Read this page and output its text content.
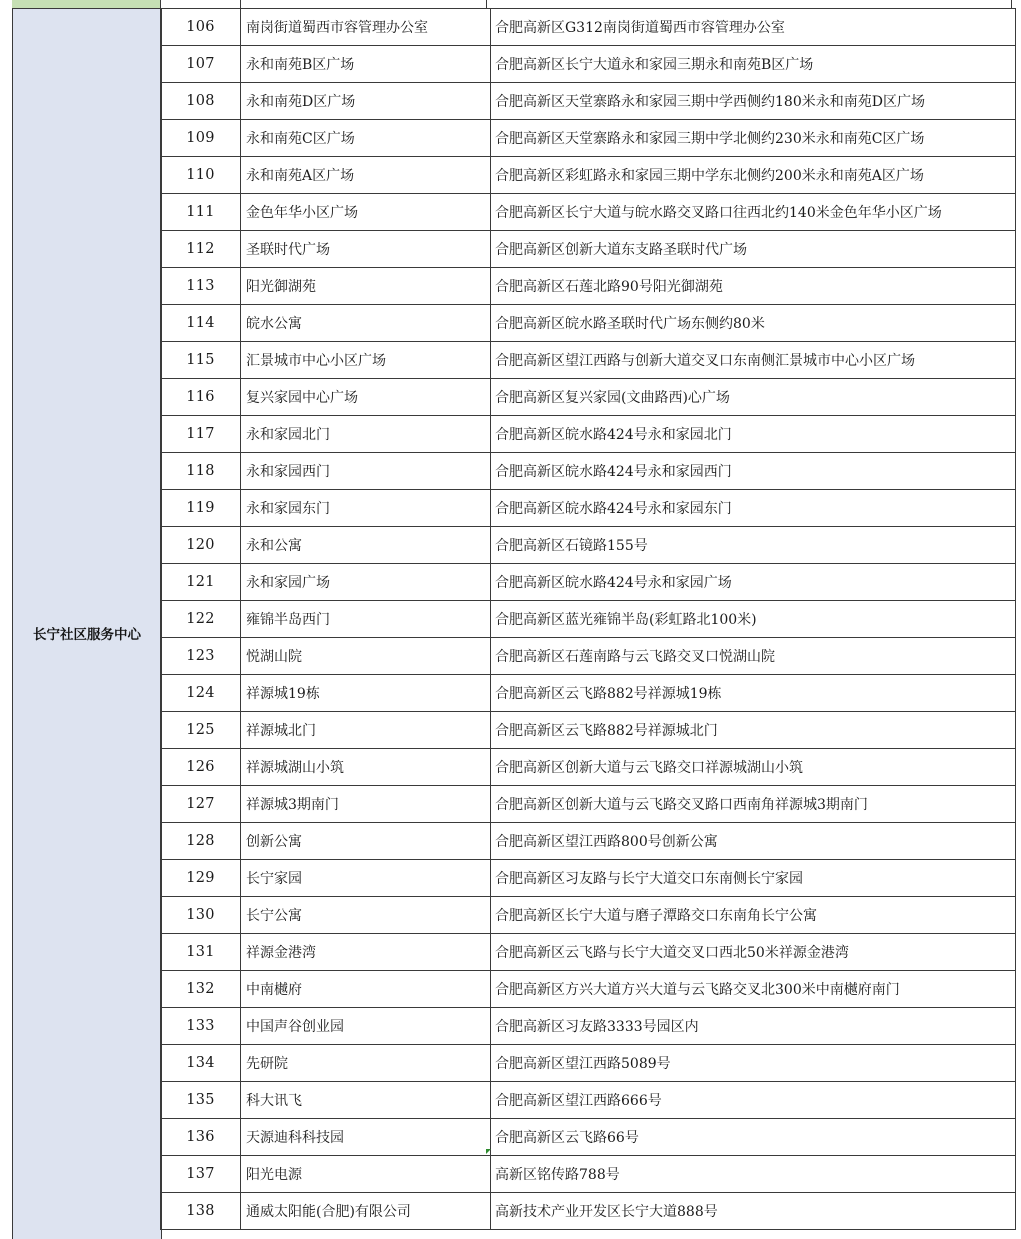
长宁社区服务中心
106	南岗街道蜀西市容管理办公室	合肥高新区G312南岗街道蜀西市容管理办公室
107	永和南苑B区广场	合肥高新区长宁大道永和家园三期永和南苑B区广场
108	永和南苑D区广场	合肥高新区天堂寨路永和家园三期中学西侧约180米永和南苑D区广场
109	永和南苑C区广场	合肥高新区天堂寨路永和家园三期中学北侧约230米永和南苑C区广场
110	永和南苑A区广场	合肥高新区彩虹路永和家园三期中学东北侧约200米永和南苑A区广场
111	金色年华小区广场	合肥高新区长宁大道与皖水路交叉路口往西北约140米金色年华小区广场
112	圣联时代广场	合肥高新区创新大道东支路圣联时代广场
113	阳光御湖苑	合肥高新区石莲北路90号阳光御湖苑
114	皖水公寓	合肥高新区皖水路圣联时代广场东侧约80米
115	汇景城市中心小区广场	合肥高新区望江西路与创新大道交叉口东南侧汇景城市中心小区广场
116	复兴家园中心广场	合肥高新区复兴家园(文曲路西)心广场
117	永和家园北门	合肥高新区皖水路424号永和家园北门
118	永和家园西门	合肥高新区皖水路424号永和家园西门
119	永和家园东门	合肥高新区皖水路424号永和家园东门
120	永和公寓	合肥高新区石镜路155号
121	永和家园广场	合肥高新区皖水路424号永和家园广场
122	雍锦半岛西门	合肥高新区蓝光雍锦半岛(彩虹路北100米)
123	悦湖山院	合肥高新区石莲南路与云飞路交叉口悦湖山院
124	祥源城19栋	合肥高新区云飞路882号祥源城19栋
125	祥源城北门	合肥高新区云飞路882号祥源城北门
126	祥源城湖山小筑	合肥高新区创新大道与云飞路交口祥源城湖山小筑
127	祥源城3期南门	合肥高新区创新大道与云飞路交叉路口西南角祥源城3期南门
128	创新公寓	合肥高新区望江西路800号创新公寓
129	长宁家园	合肥高新区习友路与长宁大道交口东南侧长宁家园
130	长宁公寓	合肥高新区长宁大道与磨子潭路交口东南角长宁公寓
131	祥源金港湾	合肥高新区云飞路与长宁大道交叉口西北50米祥源金港湾
132	中南樾府	合肥高新区方兴大道方兴大道与云飞路交叉北300米中南樾府南门
133	中国声谷创业园	合肥高新区习友路3333号园区内
134	先研院	合肥高新区望江西路5089号
135	科大讯飞	合肥高新区望江西路666号
136	天源迪科科技园	合肥高新区云飞路66号
137	阳光电源	高新区铭传路788号
138	通威太阳能(合肥)有限公司	高新技术产业开发区长宁大道888号
